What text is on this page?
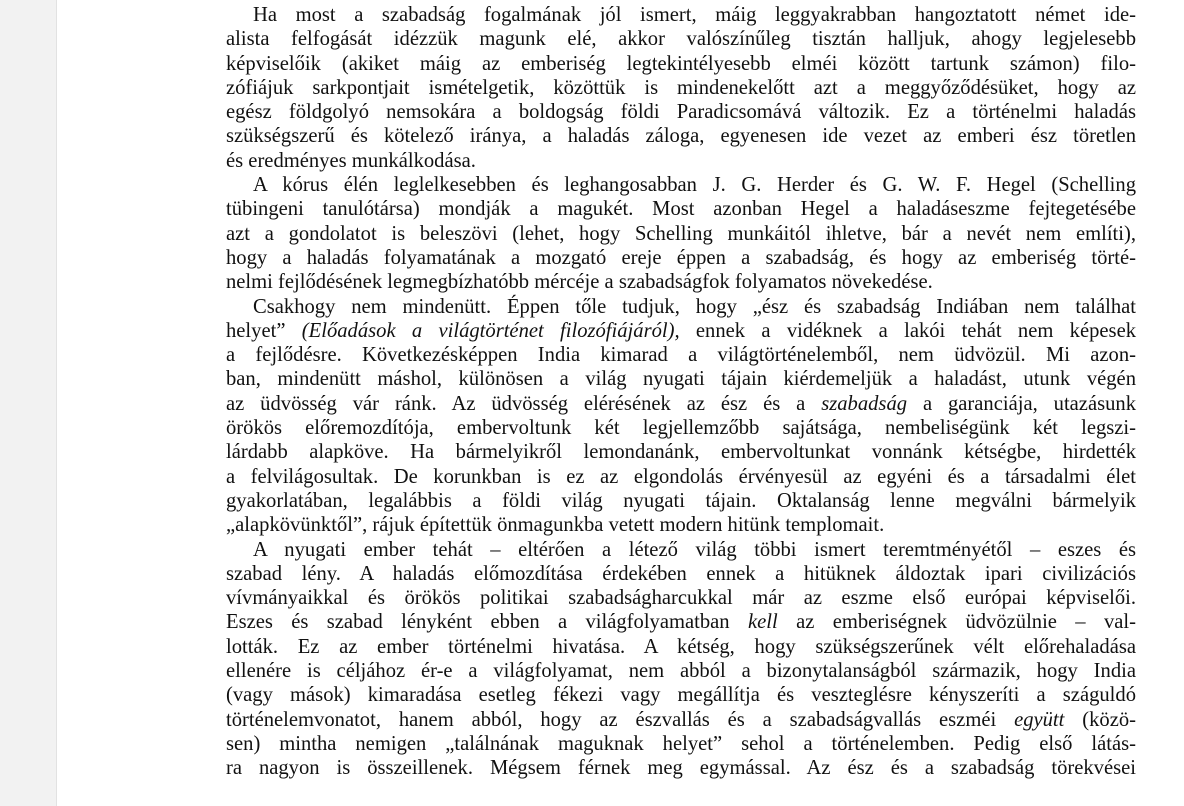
Ha most a szabadság fogalmának jól ismert, máig leggyakrabban hangoztatott német ide-
alista felfogását idézzük magunk elé, akkor valószínűleg tisztán halljuk, ahogy legjelesebb
képviselőik (akiket máig az emberiség legtekintélyesebb elméi között tartunk számon) filo-
zófiájuk sarkpontjait ismételgetik, közöttük is mindenekelőtt azt a meggyőződésüket, hogy az
egész földgolyó nemsokára a boldogság földi Paradicsomává változik. Ez a történelmi haladás
szükségszerű és kötelező iránya, a haladás záloga, egyenesen ide vezet az emberi ész töretlen
és eredményes munkálkodása.

A kórus élén leglelkesebben és leghangosabban J. G. Herder és G. W. F. Hegel (Schelling
tübingeni tanulótársa) mondják a magukét. Most azonban Hegel a haladáseszme fejtegetésébe
azt a gondolatot is beleszövi (lehet, hogy Schelling munkáitól ihletve, bár a nevét nem említi),
hogy a haladás folyamatának a mozgató ereje éppen a szabadság, és hogy az emberiség törté-
nelmi fejlődésének legmegbízhatóbb mércéje a szabadságfok folyamatos növekedése.

Csakhogy nem mindenütt. Éppen tőle tudjuk, hogy „ész és szabadság Indiában nem találhat
helyet” (Előadások a világtörténet filozófiájáról), ennek a vidéknek a lakói tehát nem képesek
a fejlődésre. Következésképpen India kimarad a világtörténelemből, nem üdvözül. Mi azon-
ban, mindenütt máshol, különösen a világ nyugati tájain kiérdemeljük a haladást, utunk végén
az üdvösség vár ránk. Az üdvösség elérésének az ész és a szabadság a garanciája, utazásunk
örökös előremozdítója, embervoltunk két legjellemzőbb sajátsága, nembeliségünk két legszi-
lárdabb alapköve. Ha bármelyikről lemondanánk, embervoltunkat vonnánk kétségbe, hirdették
a felvilágosultak. De korunkban is ez az elgondolás érvényesül az egyéni és a társadalmi élet
gyakorlatában, legalábbis a földi világ nyugati tájain. Oktalanság lenne megválni bármelyik
„alapkövünktől”, rájuk építettük önmagunkba vetett modern hitünk templomait.

A nyugati ember tehát – eltérően a létező világ többi ismert teremtményétől – eszes és
szabad lény. A haladás előmozdítása érdekében ennek a hitüknek áldoztak ipari civilizációs
vívmányaikkal és örökös politikai szabadságharcukkal már az eszme első európai képviselői.
Eszes és szabad lényként ebben a világfolyamatban kell az emberiségnek üdvözülnie – val-
lották. Ez az ember történelmi hivatása. A kétség, hogy szükségszerűnek vélt előrehaladása
ellenére is céljához ér-e a világfolyamat, nem abból a bizonytalanságból származik, hogy India
(vagy mások) kimaradása esetleg fékezi vagy megállítja és veszteglésre kényszeríti a száguldó
történelemvonatot, hanem abból, hogy az észvallás és a szabadságvallás eszméi együtt (közö-
sen) mintha nemigen „találnának maguknak helyet” sehol a történelemben. Pedig első látás-
ra nagyon is összeillenek. Mégsem férnek meg egymással. Az ész és a szabadság törekvései
